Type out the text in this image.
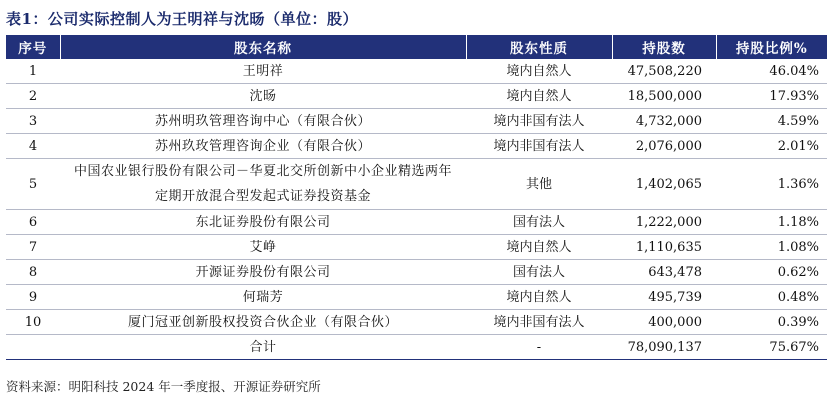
表1：公司实际控制人为王明祥与沈旸（单位：股）
序号	股东名称	股东性质	持股数	持股比例%
1	王明祥	境内自然人	47,508,220	46.04%
2	沈旸	境内自然人	18,500,000	17.93%
3	苏州明玖管理咨询中心（有限合伙）	境内非国有法人	4,732,000	4.59%
4	苏州玖玫管理咨询企业（有限合伙）	境内非国有法人	2,076,000	2.01%
5	中国农业银行股份有限公司－华夏北交所创新中小企业精选两年
定期开放混合型发起式证券投资基金	其他	1,402,065	1.36%
6	东北证券股份有限公司	国有法人	1,222,000	1.18%
7	艾峥	境内自然人	1,110,635	1.08%
8	开源证券股份有限公司	国有法人	643,478	0.62%
9	何瑞芳	境内自然人	495,739	0.48%
10	厦门冠亚创新股权投资合伙企业（有限合伙）	境内非国有法人	400,000	0.39%
	合计	-	78,090,137	75.67%
资料来源：明阳科技 2024 年一季度报、开源证券研究所
